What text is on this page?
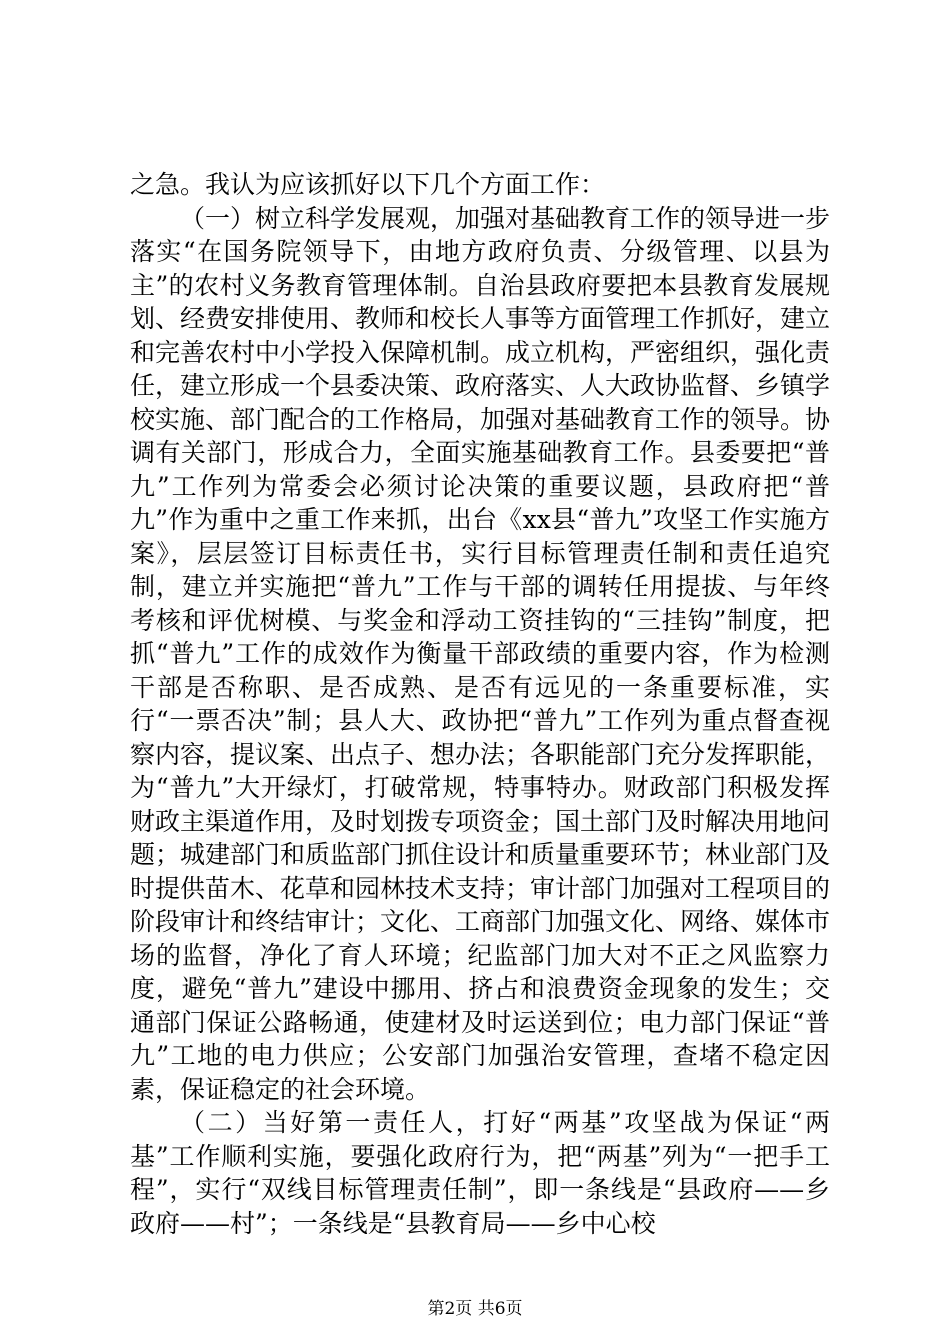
之急。我认为应该抓好以下几个方面工作：

（一）树立科学发展观，加强对基础教育工作的领导进一步落实“在国务院领导下，由地方政府负责、分级管理、以县为主”的农村义务教育管理体制。自治县政府要把本县教育发展规划、经费安排使用、教师和校长人事等方面管理工作抓好，建立和完善农村中小学投入保障机制。成立机构，严密组织，强化责任，建立形成一个县委决策、政府落实、人大政协监督、乡镇学校实施、部门配合的工作格局，加强对基础教育工作的领导。协调有关部门，形成合力，全面实施基础教育工作。县委要把“普九”工作列为常委会必须讨论决策的重要议题，县政府把“普九”作为重中之重工作来抓，出台《xx县“普九”攻坚工作实施方案》，层层签订目标责任书，实行目标管理责任制和责任追究制，建立并实施把“普九”工作与干部的调转任用提拔、与年终考核和评优树模、与奖金和浮动工资挂钩的“三挂钩”制度，把抓“普九”工作的成效作为衡量干部政绩的重要内容，作为检测干部是否称职、是否成熟、是否有远见的一条重要标准，实行“一票否决”制；县人大、政协把“普九”工作列为重点督查视察内容，提议案、出点子、想办法；各职能部门充分发挥职能，为“普九”大开绿灯，打破常规，特事特办。财政部门积极发挥财政主渠道作用，及时划拨专项资金；国土部门及时解决用地问题；城建部门和质监部门抓住设计和质量重要环节；林业部门及时提供苗木、花草和园林技术支持；审计部门加强对工程项目的阶段审计和终结审计；文化、工商部门加强文化、网络、媒体市场的监督，净化了育人环境；纪监部门加大对不正之风监察力度，避免“普九”建设中挪用、挤占和浪费资金现象的发生；交通部门保证公路畅通，使建材及时运送到位；电力部门保证“普九”工地的电力供应；公安部门加强治安管理，查堵不稳定因素，保证稳定的社会环境。

（二）当好第一责任人，打好“两基”攻坚战为保证“两基”工作顺利实施，要强化政府行为，把“两基”列为“一把手工程”，实行“双线目标管理责任制”，即一条线是“县政府——乡政府——村”；一条线是“县教育局——乡中心校

第2页 共6页
